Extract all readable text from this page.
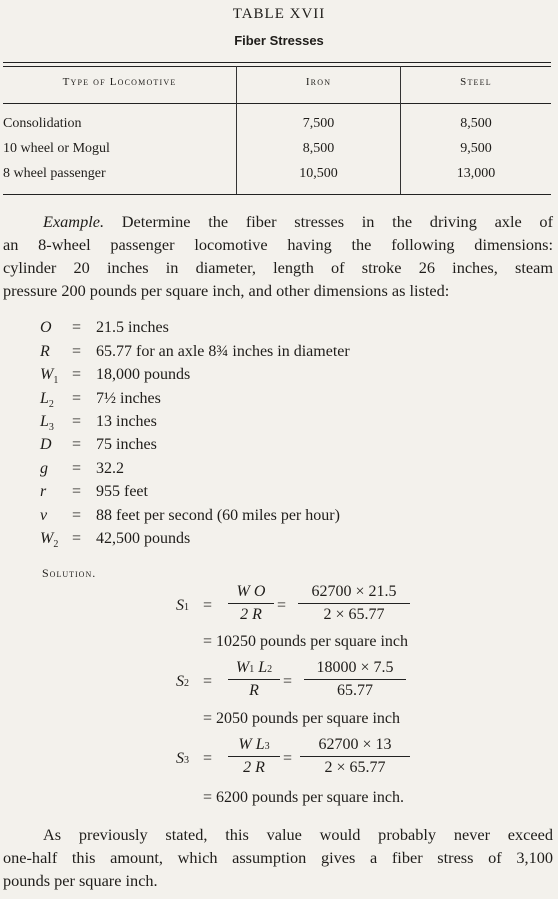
TABLE XVII
Fiber Stresses
Type of Locomotive	Iron	Steel
Consolidation	7,500	8,500
10 wheel or Mogul	8,500	9,500
8 wheel passenger	10,500	13,000
Example. Determine the fiber stresses in the driving axle of
an 8-wheel passenger locomotive having the following dimensions:
cylinder 20 inches in diameter, length of stroke 26 inches, steam
pressure 200 pounds per square inch, and other dimensions as listed:
O = 21.5 inches
R = 65.77 for an axle 8¾ inches in diameter
$W_1 = 18,000$ pounds
$L_2$ = 7½ inches
$L_3 = 13$ inches
D = 75 inches
g = 32.2
r = 955 feet
v = 88 feet per second (60 miles per hour)
$W_2 = 42,500$ pounds
Solution.
S1 =
W O
2 R
=
62700 × 21.5
2 × 65.77
= 10250 pounds per square inch
S2 =
W1 L2
R
=
18000 × 7.5
65.77
= 2050 pounds per square inch
S3 =
W L3
2 R
=
62700 × 13
2 × 65.77
= 6200 pounds per square inch.
As previously stated, this value would probably never exceed
one-half this amount, which assumption gives a fiber stress of 3,100
pounds per square inch.
